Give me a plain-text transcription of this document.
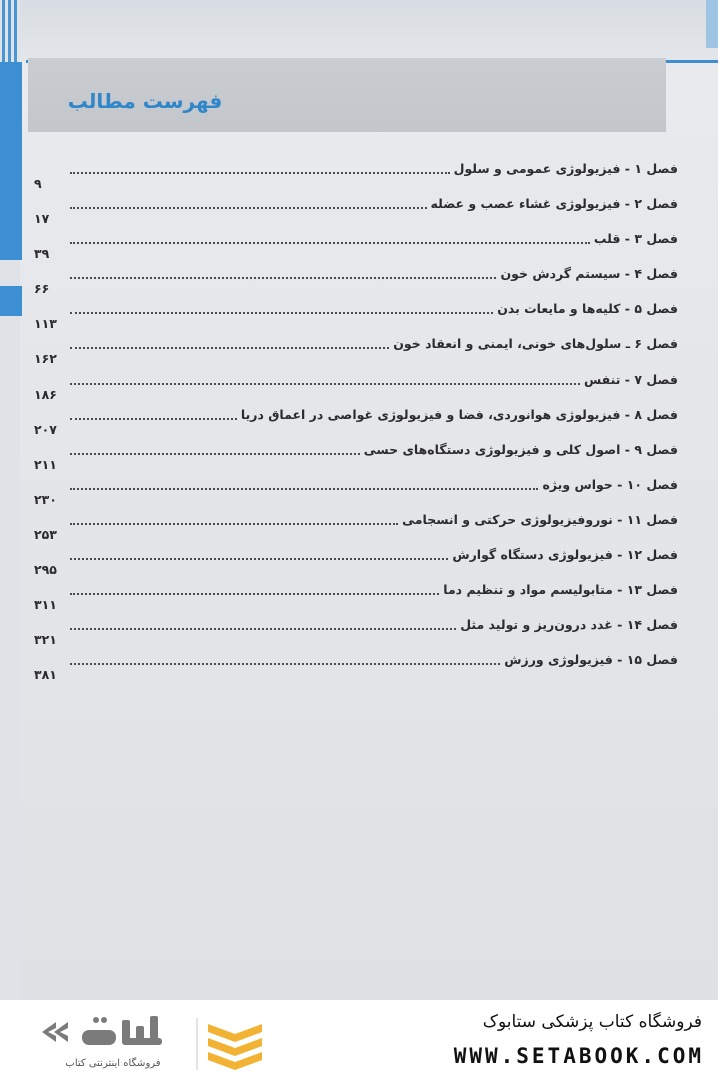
فهرست مطالب
فصل ۱ - فیزیولوژی عمومی و سلول
۹
فصل ۲ - فیزیولوژی غشاء عصب و عضله
۱۷
فصل ۳ - قلب
۳۹
فصل ۴ - سیستم گردش خون
۶۶
فصل ۵ - کلیه‌ها و مایعات بدن
۱۱۳
فصل ۶ ـ سلول‌های خونی، ایمنی و انعقاد خون
۱۶۲
فصل ۷ - تنفس
۱۸۶
فصل ۸ - فیزیولوژی هوانوردی، فضا و فیزیولوژی غواصی در اعماق دریا
۲۰۷
فصل ۹ - اصول کلی و فیزیولوژی دستگاه‌های حسی
۲۱۱
فصل ۱۰ - حواس ویژه
۲۳۰
فصل ۱۱ - نوروفیزیولوژی حرکتی و انسجامی
۲۵۳
فصل ۱۲ - فیزیولوژی دستگاه گوارش
۲۹۵
فصل ۱۳ - متابولیسم مواد و تنظیم دما
۳۱۱
فصل ۱۴ - غدد درون‌ریز و تولید مثل
۳۲۱
فصل ۱۵ - فیزیولوژی ورزش
۳۸۱
فروشگاه اینترنتی کتاب
فروشگاه کتاب پزشکی ستابوک
WWW.SETABOOK.COM
